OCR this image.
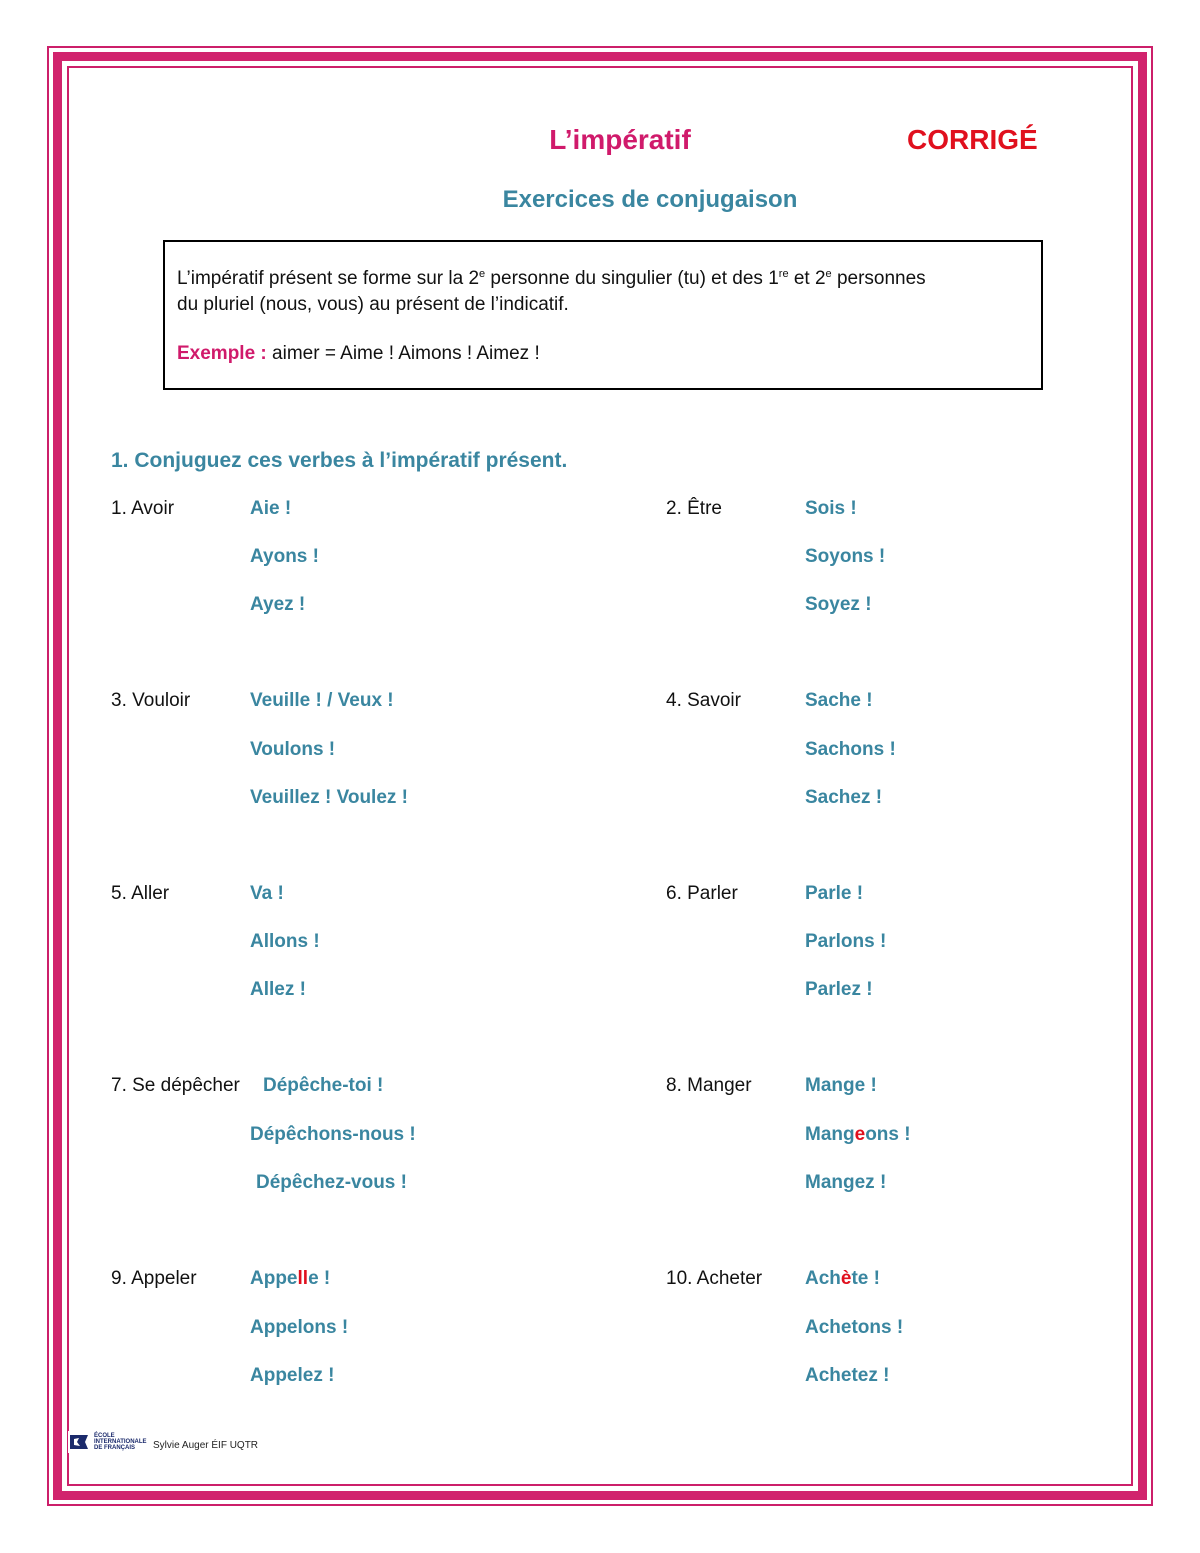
L’impératif	CORRIGÉ
Exercices de conjugaison

L’impératif présent se forme sur la 2e personne du singulier (tu) et des 1re et 2e personnes
du pluriel (nous, vous) au présent de l’indicatif.

Exemple : aimer = Aime ! Aimons ! Aimez !

1. Conjuguez ces verbes à l’impératif présent.
1. Avoir	Aie !
Ayons !
Ayez !
2. Être	Sois !
Soyons !
Soyez !
3. Vouloir	Veuille ! / Veux !
Voulons !
Veuillez ! Voulez !
4. Savoir	Sache !
Sachons !
Sachez !
5. Aller	Va !
Allons !
Allez !
6. Parler	Parle !
Parlons !
Parlez !
7. Se dépêcher Dépêche-toi !
Dépêchons-nous !
Dépêchez-vous !
8. Manger	Mange !
Mangeons !
Mangez !
9. Appeler	Appelle !
Appelons !
Appelez !
10. Acheter Achète !
Achetons !
Achetez !
ÉCOLE
INTERNATIONALE
DE FRANÇAIS	Sylvie Auger ÉIF UQTR
